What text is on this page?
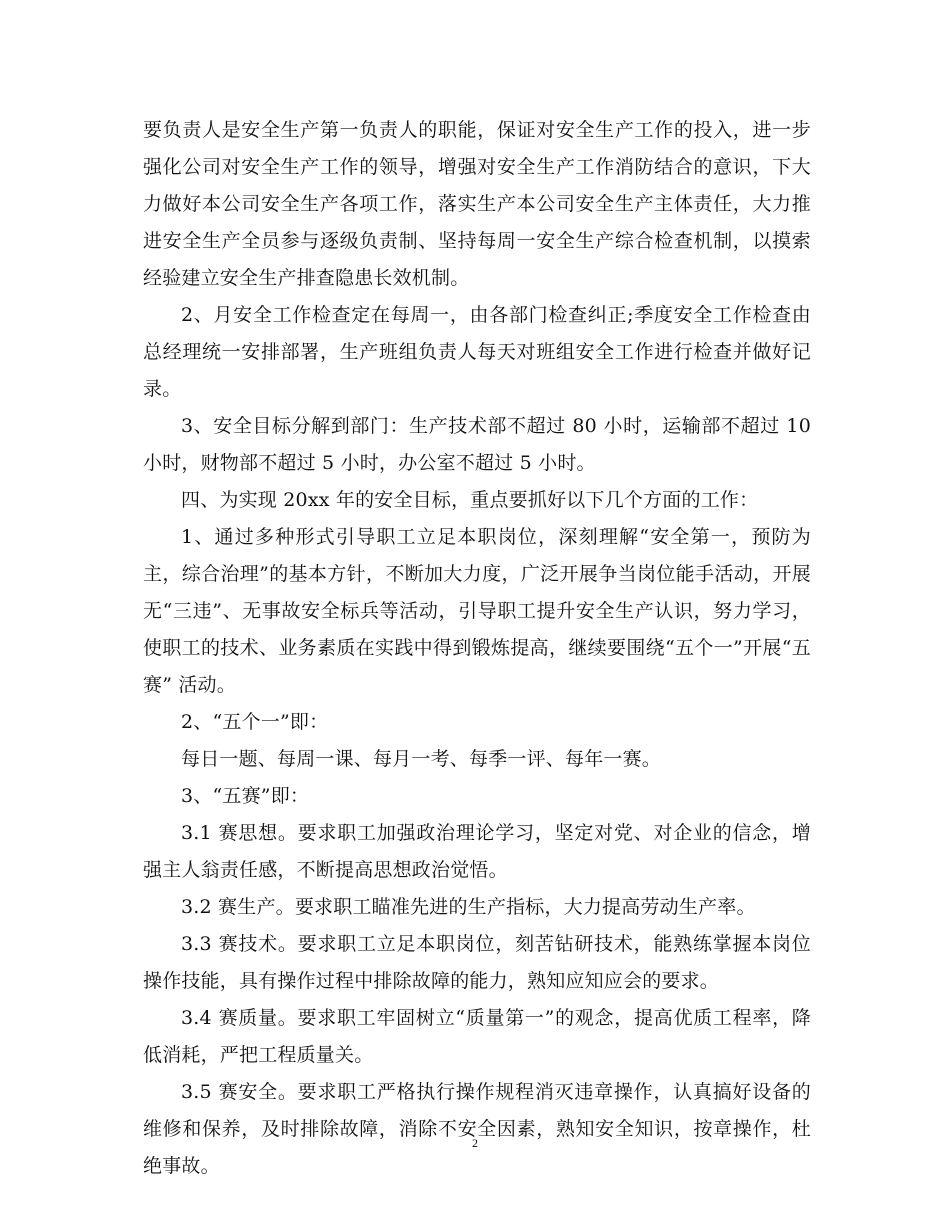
要负责人是安全生产第一负责人的职能，保证对安全生产工作的投入，进一步强化公司对安全生产工作的领导，增强对安全生产工作消防结合的意识，下大力做好本公司安全生产各项工作，落实生产本公司安全生产主体责任，大力推进安全生产全员参与逐级负责制、坚持每周一安全生产综合检查机制，以摸索经验建立安全生产排查隐患长效机制。

2、月安全工作检查定在每周一，由各部门检查纠正;季度安全工作检查由总经理统一安排部署，生产班组负责人每天对班组安全工作进行检查并做好记录。

3、安全目标分解到部门：生产技术部不超过 80 小时，运输部不超过 10 小时，财物部不超过 5 小时，办公室不超过 5 小时。

四、为实现 20xx 年的安全目标，重点要抓好以下几个方面的工作：

1、通过多种形式引导职工立足本职岗位，深刻理解“安全第一，预防为主，综合治理”的基本方针，不断加大力度，广泛开展争当岗位能手活动，开展无“三违”、无事故安全标兵等活动，引导职工提升安全生产认识，努力学习，使职工的技术、业务素质在实践中得到锻炼提高，继续要围绕“五个一”开展“五赛” 活动。

2、“五个一”即：

每日一题、每周一课、每月一考、每季一评、每年一赛。

3、“五赛”即：

3.1 赛思想。要求职工加强政治理论学习，坚定对党、对企业的信念，增强主人翁责任感，不断提高思想政治觉悟。

3.2 赛生产。要求职工瞄准先进的生产指标，大力提高劳动生产率。

3.3 赛技术。要求职工立足本职岗位，刻苦钻研技术，能熟练掌握本岗位操作技能，具有操作过程中排除故障的能力，熟知应知应会的要求。

3.4 赛质量。要求职工牢固树立“质量第一”的观念，提高优质工程率，降低消耗，严把工程质量关。

3.5 赛安全。要求职工严格执行操作规程消灭违章操作，认真搞好设备的维修和保养，及时排除故障，消除不安全因素，熟知安全知识，按章操作，杜绝事故。

2
